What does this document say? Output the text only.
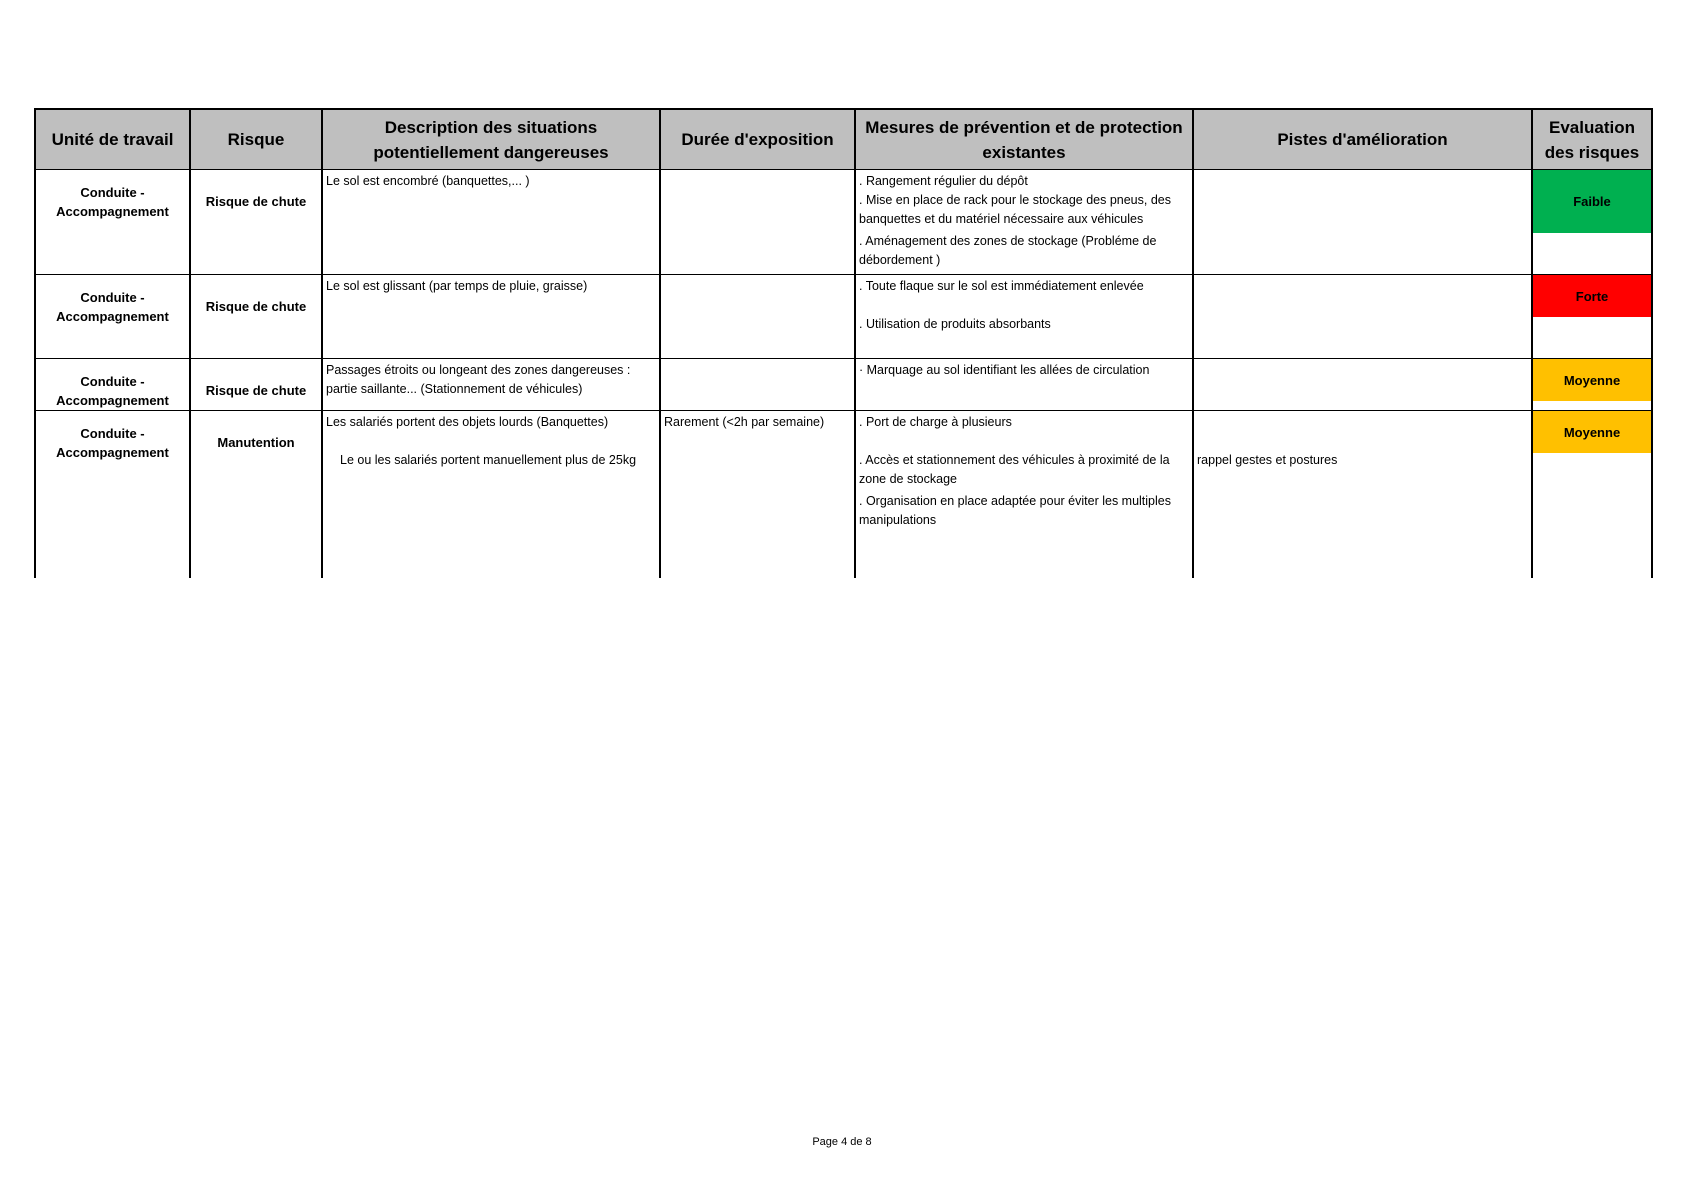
Unité de travail	Risque	Description des situations potentiellement dangereuses	Durée d'exposition	Mesures de prévention et de protection existantes	Pistes d'amélioration	Evaluation des risques
Conduite - Accompagnement	Risque de chute	Le sol est encombré (banquettes,... )		. Rangement régulier du dépôt
. Mise en place de rack pour le stockage des pneus, des banquettes et du matériel nécessaire aux véhicules
. Aménagement des zones de stockage (Probléme de débordement )		Faible

Conduite - Accompagnement	Risque de chute	Le sol est glissant (par temps de pluie, graisse)		. Toute flaque sur le sol est immédiatement enlevée
. Utilisation de produits absorbants		Forte

Conduite - Accompagnement	Risque de chute	Passages étroits ou longeant des zones dangereuses : partie saillante... (Stationnement de véhicules)		· Marquage au sol identifiant les allées de circulation		Moyenne

Conduite - Accompagnement	Manutention	Les salariés portent des objets lourds (Banquettes)
Le ou les salariés portent manuellement plus de 25kg	Rarement (<2h par semaine)	. Port de charge à plusieurs
. Accès et stationnement des véhicules à proximité de la zone de stockage
. Organisation en place adaptée pour éviter les multiples manipulations	rappel gestes et postures	Moyenne
Page 4 de 8
